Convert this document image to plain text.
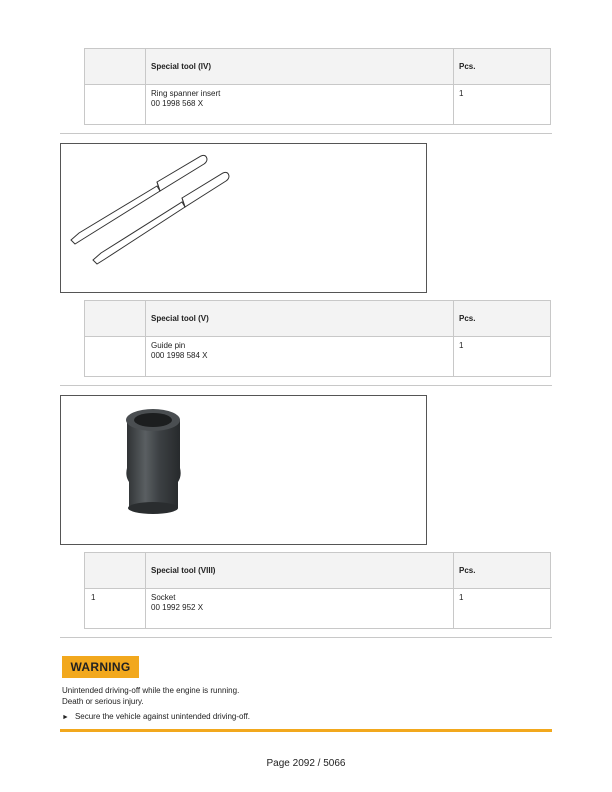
	Special tool (IV)	Pcs.

	Ring spanner insert
00 1998 568 X	1
	Special tool (V)	Pcs.

	Guide pin
000 1998 584 X	1
	Special tool (VIII)	Pcs.
1	Socket
00 1992 952 X	1
WARNING
Unintended driving-off while the engine is running.
Death or serious injury.
► Secure the vehicle against unintended driving-off.
Page 2092 / 5066
